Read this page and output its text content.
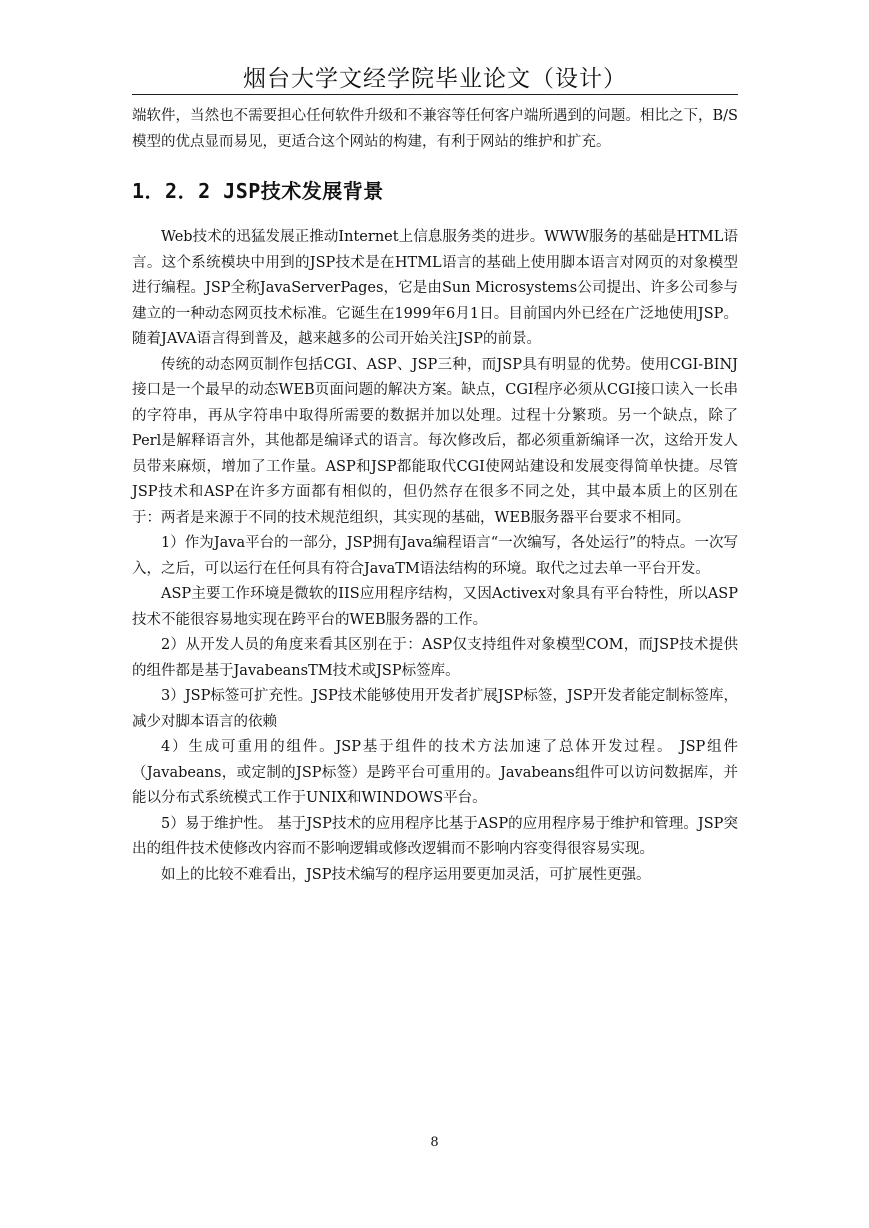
烟台大学文经学院毕业论文（设计）

端软件，当然也不需要担心任何软件升级和不兼容等任何客户端所遇到的问题。相比之下，B/S模型的优点显而易见，更适合这个网站的构建，有利于网站的维护和扩充。

1．2．2 JSP技术发展背景

Web技术的迅猛发展正推动Internet上信息服务类的进步。WWW服务的基础是HTML语言。这个系统模块中用到的JSP技术是在HTML语言的基础上使用脚本语言对网页的对象模型进行编程。JSP全称JavaServerPages，它是由Sun Microsystems公司提出、许多公司参与建立的一种动态网页技术标准。它诞生在1999年6月1日。目前国内外已经在广泛地使用JSP。随着JAVA语言得到普及，越来越多的公司开始关注JSP的前景。

传统的动态网页制作包括CGI、ASP、JSP三种，而JSP具有明显的优势。使用CGI-BINJ接口是一个最早的动态WEB页面问题的解决方案。缺点，CGI程序必须从CGI接口读入一长串的字符串，再从字符串中取得所需要的数据并加以处理。过程十分繁琐。另一个缺点，除了Perl是解释语言外，其他都是编译式的语言。每次修改后，都必须重新编译一次，这给开发人员带来麻烦，增加了工作量。ASP和JSP都能取代CGI使网站建设和发展变得简单快捷。尽管JSP技术和ASP在许多方面都有相似的，但仍然存在很多不同之处，其中最本质上的区别在于：两者是来源于不同的技术规范组织，其实现的基础，WEB服务器平台要求不相同。

1）作为Java平台的一部分，JSP拥有Java编程语言“一次编写，各处运行”的特点。一次写入，之后，可以运行在任何具有符合JavaTM语法结构的环境。取代之过去单一平台开发。

ASP主要工作环境是微软的IIS应用程序结构，又因Activex对象具有平台特性，所以ASP技术不能很容易地实现在跨平台的WEB服务器的工作。

2）从开发人员的角度来看其区别在于：ASP仅支持组件对象模型COM，而JSP技术提供的组件都是基于JavabeansTM技术或JSP标签库。

3）JSP标签可扩充性。JSP技术能够使用开发者扩展JSP标签，JSP开发者能定制标签库，减少对脚本语言的依赖

4）生成可重用的组件。JSP基于组件的技术方法加速了总体开发过程。 JSP组件（Javabeans，或定制的JSP标签）是跨平台可重用的。Javabeans组件可以访问数据库，并能以分布式系统模式工作于UNIX和WINDOWS平台。

5）易于维护性。 基于JSP技术的应用程序比基于ASP的应用程序易于维护和管理。JSP突出的组件技术使修改内容而不影响逻辑或修改逻辑而不影响内容变得很容易实现。

如上的比较不难看出，JSP技术编写的程序运用要更加灵活，可扩展性更强。

8
